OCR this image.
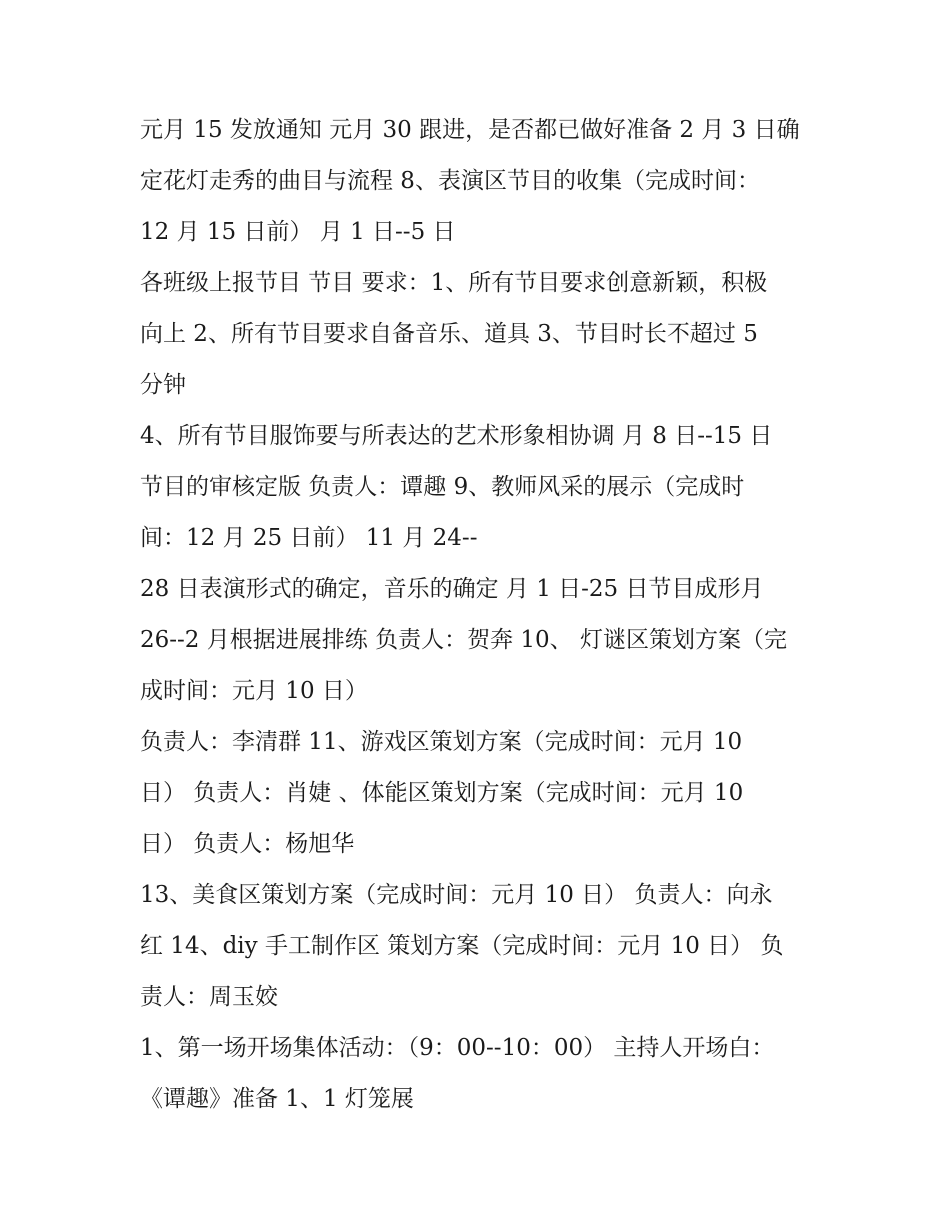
元月 15 发放通知 元月 30 跟进，是否都已做好准备 2 月 3 日确
定花灯走秀的曲目与流程 8、表演区节目的收集（完成时间：
12 月 15 日前） 月 1 日--5 日
各班级上报节目 节目 要求：1、所有节目要求创意新颖，积极
向上 2、所有节目要求自备音乐、道具 3、节目时长不超过 5
分钟
4、所有节目服饰要与所表达的艺术形象相协调 月 8 日--15 日
节目的审核定版 负责人：谭趣 9、教师风采的展示（完成时
间：12 月 25 日前） 11 月 24--
28 日表演形式的确定，音乐的确定 月 1 日-25 日节目成形月
26--2 月根据进展排练 负责人：贺奔 10、 灯谜区策划方案（完
成时间：元月 10 日）
负责人：李清群 11、游戏区策划方案（完成时间：元月 10
日） 负责人：肖婕 、体能区策划方案（完成时间：元月 10
日） 负责人：杨旭华
13、美食区策划方案（完成时间：元月 10 日） 负责人：向永
红 14、diy 手工制作区 策划方案（完成时间：元月 10 日） 负
责人：周玉姣
1、第一场开场集体活动：（9：00--10：00） 主持人开场白：
《谭趣》准备 1、1 灯笼展
